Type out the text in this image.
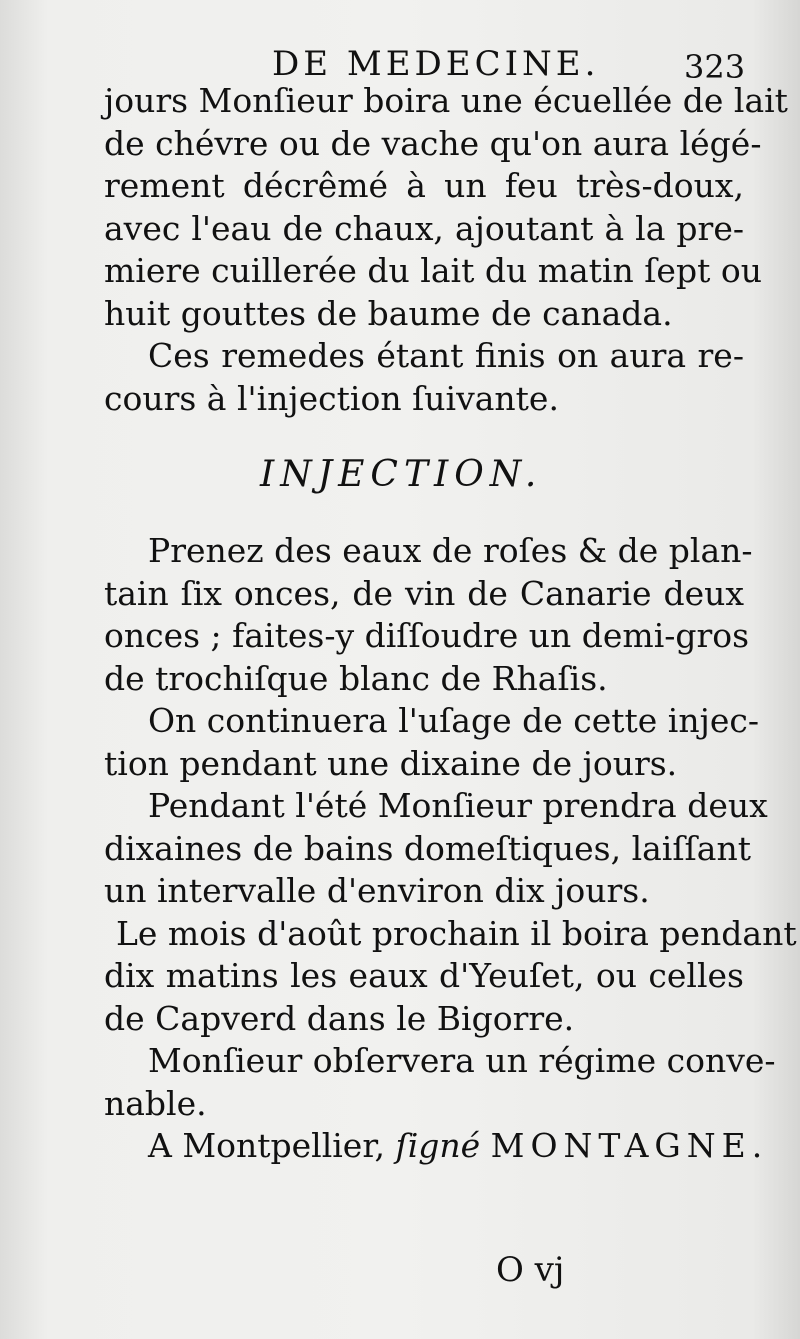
DE MEDECINE.	323
jours Monſieur boira une écuellée de lait
de chévre ou de vache qu'on aura légé-
rement décrêmé à un feu très-doux,
avec l'eau de chaux, ajoutant à la pre-
miere cuillerée du lait du matin ſept ou
huit gouttes de baume de canada.
Ces remedes étant finis on aura re-
cours à l'injection ſuivante.
INJECTION.
Prenez des eaux de roſes & de plan-
tain ſix onces, de vin de Canarie deux
onces ; faites-y diſſoudre un demi-gros
de trochiſque blanc de Rhaſis.
On continuera l'uſage de cette injec-
tion pendant une dixaine de jours.
Pendant l'été Monſieur prendra deux
dixaines de bains domeſtiques, laiſſant
un intervalle d'environ dix jours.
Le mois d'août prochain il boira pendant
dix matins les eaux d'Yeuſet, ou celles
de Capverd dans le Bigorre.
Monſieur obſervera un régime conve-
nable.
A Montpellier, ſigné MONTAGNE.
O vj
